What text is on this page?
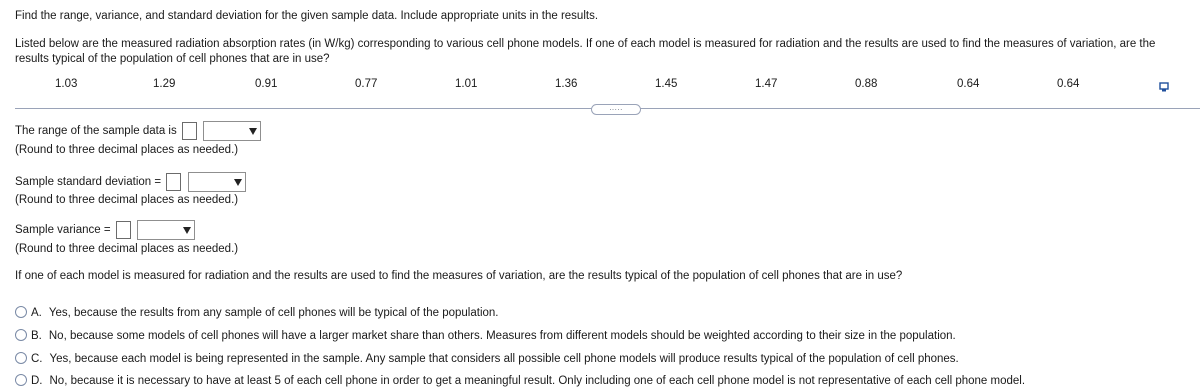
Find the range, variance, and standard deviation for the given sample data. Include appropriate units in the results.
Listed below are the measured radiation absorption rates (in W/kg) corresponding to various cell phone models. If one of each model is measured for radiation and the results are used to find the measures of variation, are the
results typical of the population of cell phones that are in use?
1.03	1.29	0.91	0.77	1.01	1.36	1.45	1.47	0.88	0.64	0.64
.....
The range of the sample data is
(Round to three decimal places as needed.)
Sample standard deviation =
(Round to three decimal places as needed.)
Sample variance =
(Round to three decimal places as needed.)
If one of each model is measured for radiation and the results are used to find the measures of variation, are the results typical of the population of cell phones that are in use?
A. Yes, because the results from any sample of cell phones will be typical of the population.
B. No, because some models of cell phones will have a larger market share than others. Measures from different models should be weighted according to their size in the population.
C. Yes, because each model is being represented in the sample. Any sample that considers all possible cell phone models will produce results typical of the population of cell phones.
D. No, because it is necessary to have at least 5 of each cell phone in order to get a meaningful result. Only including one of each cell phone model is not representative of each cell phone model.
